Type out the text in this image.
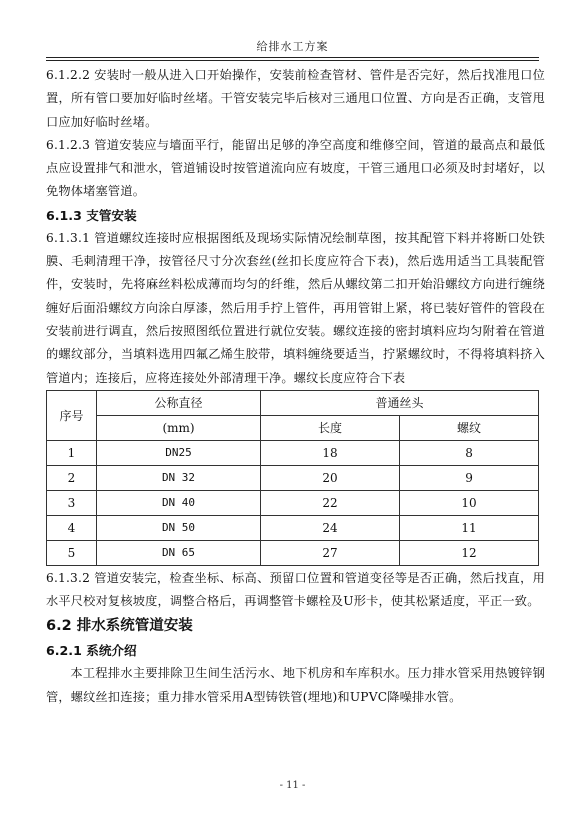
给排水工方案

6.1.2.2 安装时一般从进入口开始操作，安装前检查管材、管件是否完好，然后找准甩口位置，所有管口要加好临时丝堵。干管安装完毕后核对三通甩口位置、方向是否正确，支管甩口应加好临时丝堵。

6.1.2.3 管道安装应与墙面平行，能留出足够的净空高度和维修空间，管道的最高点和最低点应设置排气和泄水，管道铺设时按管道流向应有坡度，干管三通甩口必须及时封堵好，以免物体堵塞管道。

6.1.3 支管安装

6.1.3.1 管道螺纹连接时应根据图纸及现场实际情况绘制草图，按其配管下料并将断口处铁膜、毛刺清理干净，按管径尺寸分次套丝(丝扣长度应符合下表)，然后选用适当工具装配管件，安装时，先将麻丝料松成薄而均匀的纤维，然后从螺纹第二扣开始沿螺纹方向进行缠绕缠好后面沿螺纹方向涂白厚漆，然后用手拧上管件，再用管钳上紧，将已装好管件的管段在安装前进行调直，然后按照图纸位置进行就位安装。螺纹连接的密封填料应均匀附着在管道的螺纹部分，当填料选用四氟乙烯生胶带，填料缠绕要适当，拧紧螺纹时，不得将填料挤入管道内；连接后，应将连接处外部清理干净。螺纹长度应符合下表

序号	公称直径	普通丝头	
	(mm)	长度	螺纹
1	DN25	18	8
2	DN 32	20	9
3	DN 40	22	10
4	DN 50	24	11
5	DN 65	27	12

6.1.3.2 管道安装完，检查坐标、标高、预留口位置和管道变径等是否正确，然后找直，用水平尺校对复核坡度，调整合格后，再调整管卡螺栓及U形卡，使其松紧适度，平正一致。

6.2 排水系统管道安装
6.2.1 系统介绍

本工程排水主要排除卫生间生活污水、地下机房和车库积水。压力排水管采用热镀锌钢管，螺纹丝扣连接；重力排水管采用A型铸铁管(埋地)和UPVC降噪排水管。

- 11 -
